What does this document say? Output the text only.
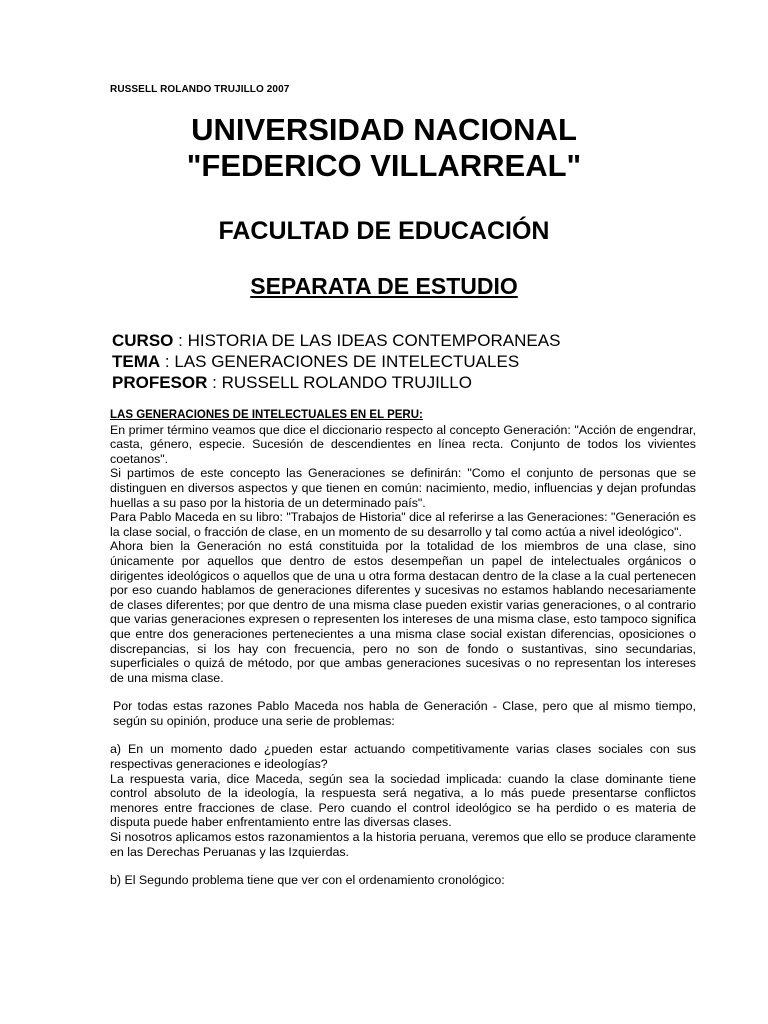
RUSSELL ROLANDO TRUJILLO 2007

UNIVERSIDAD NACIONAL

"FEDERICO VILLARREAL"

FACULTAD DE EDUCACIÓN

SEPARATA DE ESTUDIO

CURSO : HISTORIA DE LAS IDEAS CONTEMPORANEAS
TEMA : LAS GENERACIONES DE INTELECTUALES
PROFESOR : RUSSELL ROLANDO TRUJILLO

LAS GENERACIONES DE INTELECTUALES EN EL PERU:

En primer término veamos que dice el diccionario respecto al concepto Generación: "Acción de engendrar, casta, género, especie. Sucesión de descendientes en línea recta. Conjunto de todos los vivientes coetanos".

Si partimos de este concepto las Generaciones se definirán: "Como el conjunto de personas que se distinguen en diversos aspectos y que tienen en común: nacimiento, medio, influencias y dejan profundas huellas a su paso por la historia de un determinado país".

Para Pablo Maceda en su libro: "Trabajos de Historia" dice al referirse a las Generaciones: "Generación es la clase social, o fracción de clase, en un momento de su desarrollo y tal como actúa a nivel ideológico".

Ahora bien la Generación no está constituida por la totalidad de los miembros de una clase, sino únicamente por aquellos que dentro de estos desempeñan un papel de intelectuales orgánicos o dirigentes ideológicos o aquellos que de una u otra forma destacan dentro de la clase a la cual pertenecen por eso cuando hablamos de generaciones diferentes y sucesivas no estamos hablando necesariamente de clases diferentes; por que dentro de una misma clase pueden existir varias generaciones, o al contrario que varias generaciones expresen o representen los intereses de una misma clase, esto tampoco significa que entre dos generaciones pertenecientes a una misma clase social existan diferencias, oposiciones o discrepancias, si los hay con frecuencia, pero no son de fondo o sustantivas, sino secundarias, superficiales o quizá de método, por que ambas generaciones sucesivas o no representan los intereses de una misma clase.

Por todas estas razones Pablo Maceda nos habla de Generación - Clase, pero que al mismo tiempo, según su opinión, produce una serie de problemas:

a) En un momento dado ¿pueden estar actuando competitivamente varias clases sociales con sus respectivas generaciones e ideologías?

La respuesta varia, dice Maceda, según sea la sociedad implicada: cuando la clase dominante tiene control absoluto de la ideología, la respuesta será negativa, a lo más puede presentarse conflictos menores entre fracciones de clase. Pero cuando el control ideológico se ha perdido o es materia de disputa puede haber enfrentamiento entre las diversas clases.

Si nosotros aplicamos estos razonamientos a la historia peruana, veremos que ello se produce claramente en las Derechas Peruanas y las Izquierdas.

b) El Segundo problema tiene que ver con el ordenamiento cronológico:
